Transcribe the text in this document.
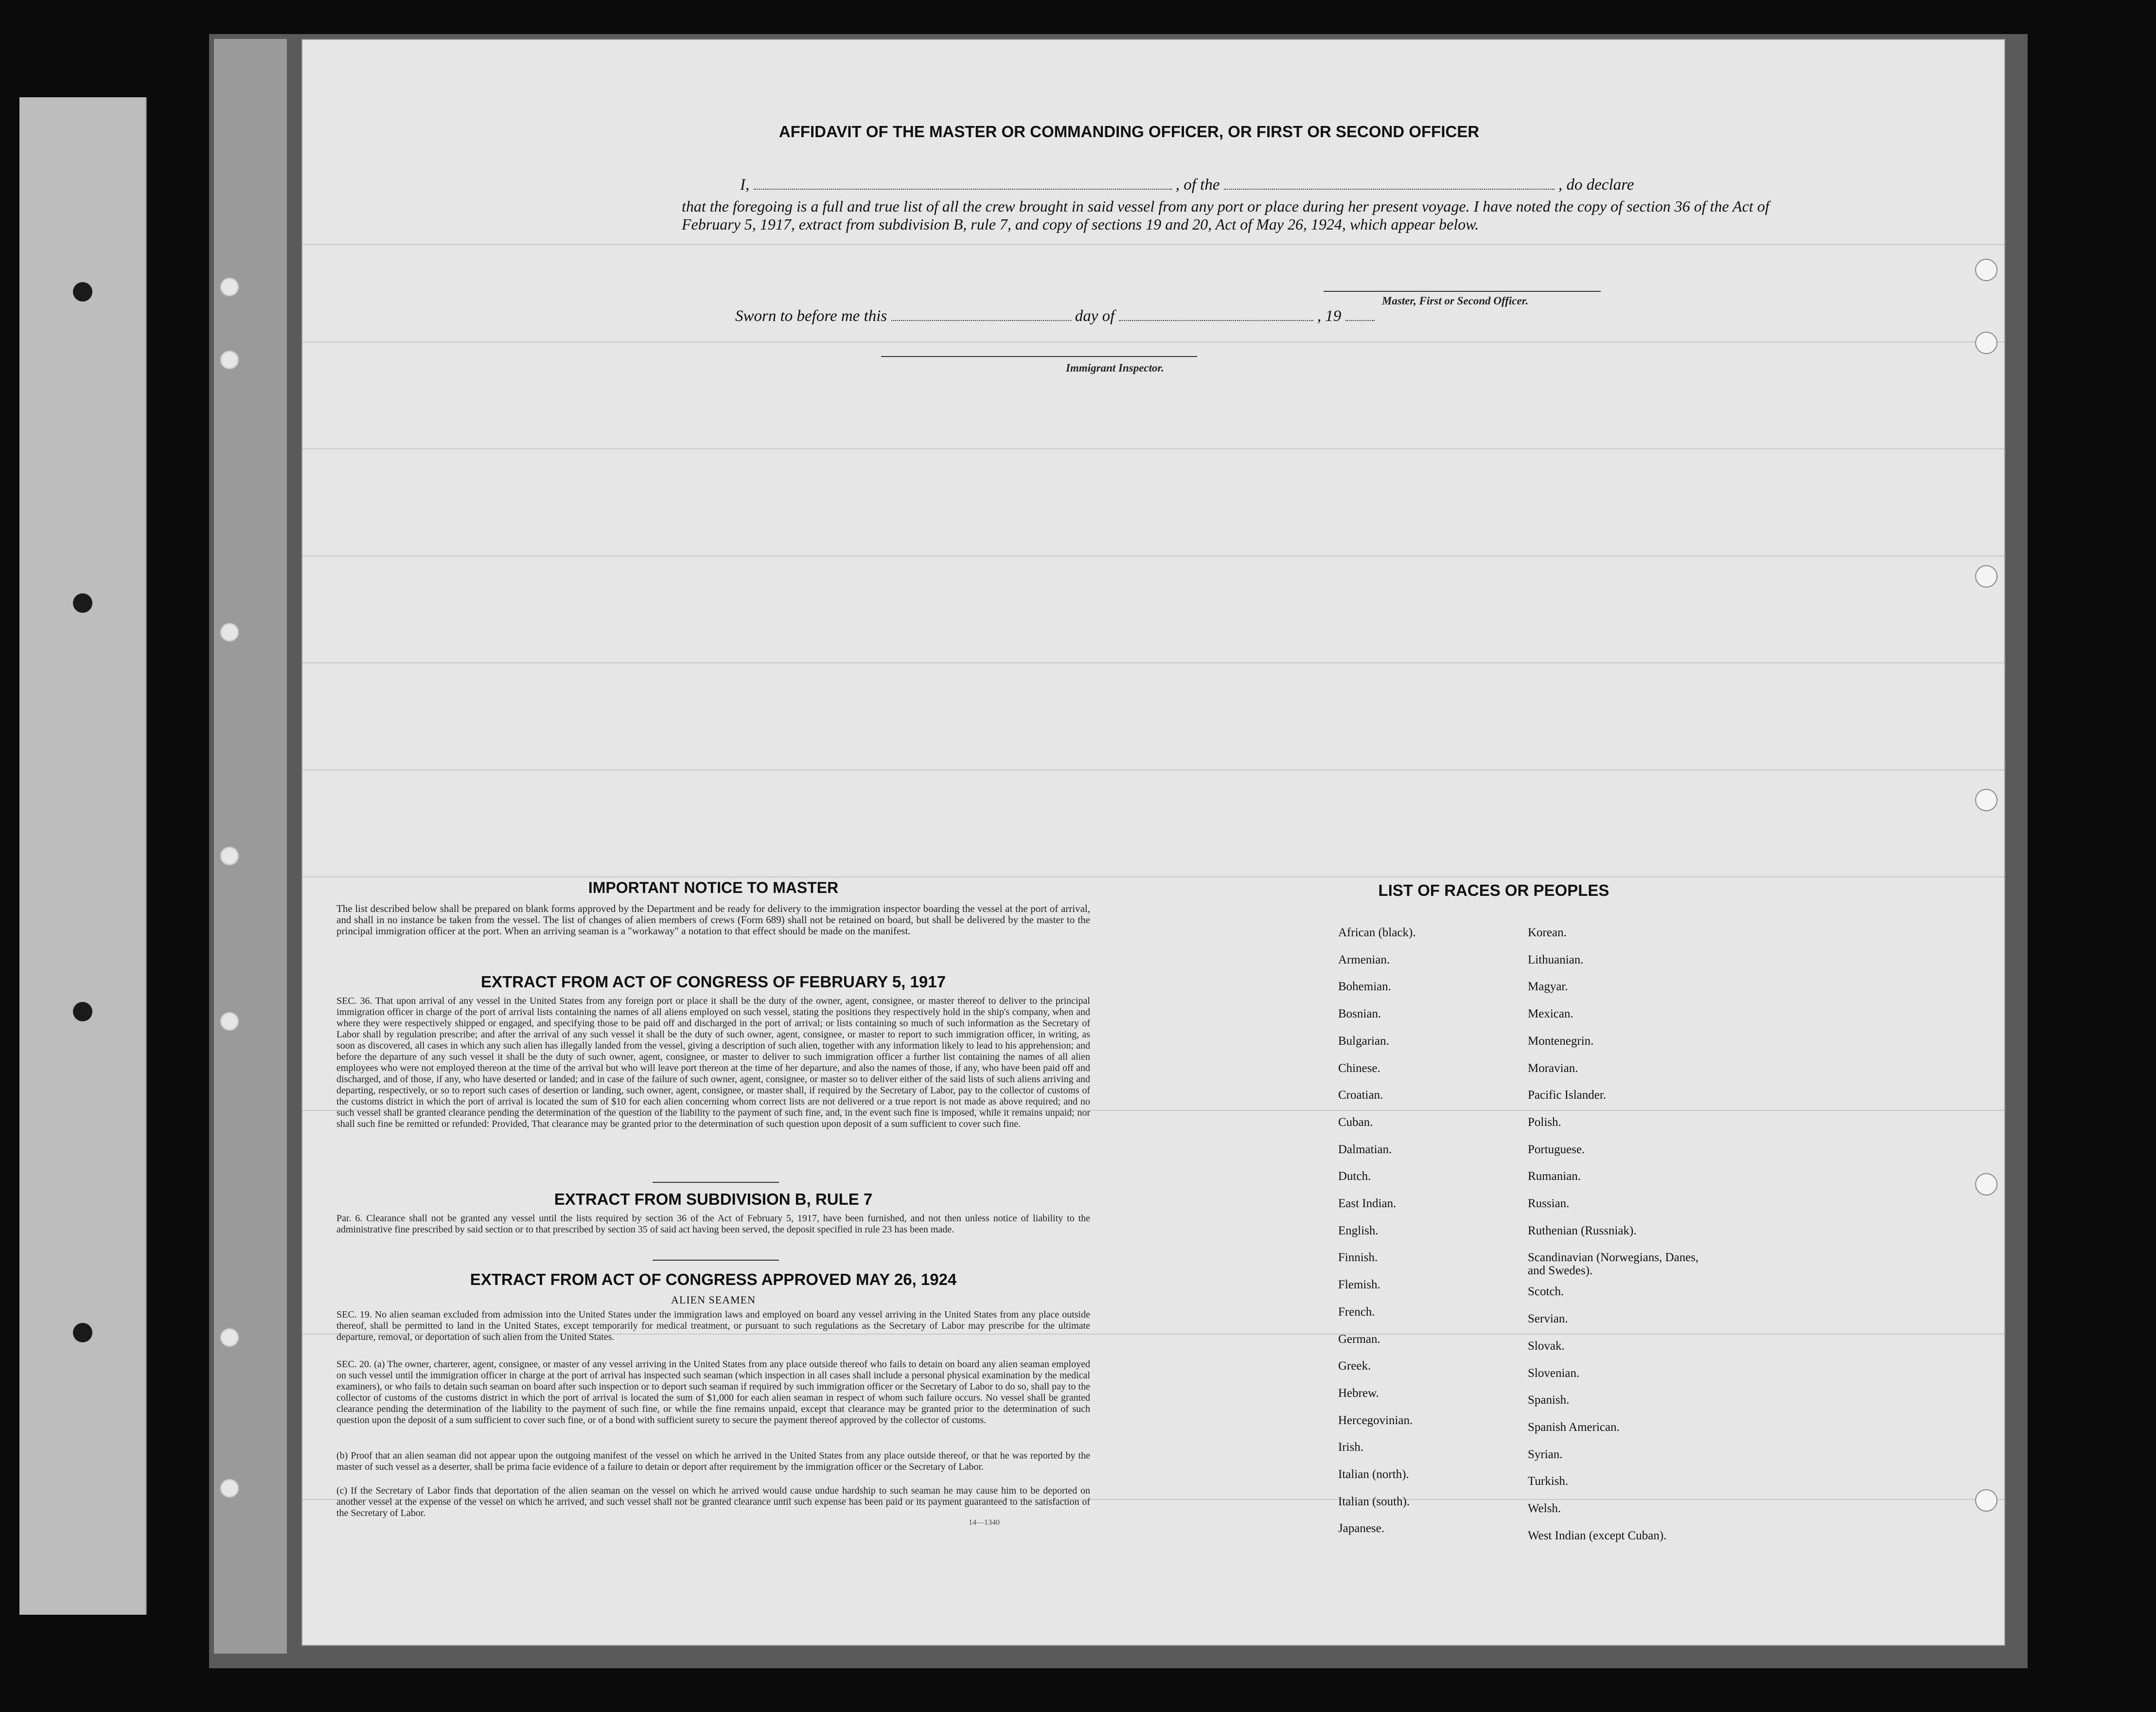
AFFIDAVIT OF THE MASTER OR COMMANDING OFFICER, OR FIRST OR SECOND OFFICER
I,	, of the	, do declare
that the foregoing is a full and true list of all the crew brought in said vessel from any port or place during her present voyage. I have noted the copy of section 36 of the Act of February 5, 1917, extract from subdivision B, rule 7, and copy of sections 19 and 20, Act of May 26, 1924, which appear below.
Master, First or Second Officer.
Sworn to before me this	day of	, 19
Immigrant Inspector.
IMPORTANT NOTICE TO MASTER
The list described below shall be prepared on blank forms approved by the Department and be ready for delivery to the immigration inspector boarding the vessel at the port of arrival, and shall in no instance be taken from the vessel. The list of changes of alien members of crews (Form 689) shall not be retained on board, but shall be delivered by the master to the principal immigration officer at the port. When an arriving seaman is a "workaway" a notation to that effect should be made on the manifest.
EXTRACT FROM ACT OF CONGRESS OF FEBRUARY 5, 1917
SEC. 36. That upon arrival of any vessel in the United States from any foreign port or place it shall be the duty of the owner, agent, consignee, or master thereof to deliver to the principal immigration officer in charge of the port of arrival lists containing the names of all aliens employed on such vessel, stating the positions they respectively hold in the ship's company, when and where they were respectively shipped or engaged, and specifying those to be paid off and discharged in the port of arrival; or lists containing so much of such information as the Secretary of Labor shall by regulation prescribe; and after the arrival of any such vessel it shall be the duty of such owner, agent, consignee, or master to report to such immigration officer, in writing, as soon as discovered, all cases in which any such alien has illegally landed from the vessel, giving a description of such alien, together with any information likely to lead to his apprehension; and before the departure of any such vessel it shall be the duty of such owner, agent, consignee, or master to deliver to such immigration officer a further list containing the names of all alien employees who were not employed thereon at the time of the arrival but who will leave port thereon at the time of her departure, and also the names of those, if any, who have been paid off and discharged, and of those, if any, who have deserted or landed; and in case of the failure of such owner, agent, consignee, or master so to deliver either of the said lists of such aliens arriving and departing, respectively, or so to report such cases of desertion or landing, such owner, agent, consignee, or master shall, if required by the Secretary of Labor, pay to the collector of customs of the customs district in which the port of arrival is located the sum of $10 for each alien concerning whom correct lists are not delivered or a true report is not made as above required; and no such vessel shall be granted clearance pending the determination of the question of the liability to the payment of such fine, and, in the event such fine is imposed, while it remains unpaid; nor shall such fine be remitted or refunded: Provided, That clearance may be granted prior to the determination of such question upon deposit of a sum sufficient to cover such fine.
EXTRACT FROM SUBDIVISION B, RULE 7
Par. 6. Clearance shall not be granted any vessel until the lists required by section 36 of the Act of February 5, 1917, have been furnished, and not then unless notice of liability to the administrative fine prescribed by said section or to that prescribed by section 35 of said act having been served, the deposit specified in rule 23 has been made.
EXTRACT FROM ACT OF CONGRESS APPROVED MAY 26, 1924
ALIEN SEAMEN
SEC. 19. No alien seaman excluded from admission into the United States under the immigration laws and employed on board any vessel arriving in the United States from any place outside thereof, shall be permitted to land in the United States, except temporarily for medical treatment, or pursuant to such regulations as the Secretary of Labor may prescribe for the ultimate departure, removal, or deportation of such alien from the United States.
SEC. 20. (a) The owner, charterer, agent, consignee, or master of any vessel arriving in the United States from any place outside thereof who fails to detain on board any alien seaman employed on such vessel until the immigration officer in charge at the port of arrival has inspected such seaman (which inspection in all cases shall include a personal physical examination by the medical examiners), or who fails to detain such seaman on board after such inspection or to deport such seaman if required by such immigration officer or the Secretary of Labor to do so, shall pay to the collector of customs of the customs district in which the port of arrival is located the sum of $1,000 for each alien seaman in respect of whom such failure occurs. No vessel shall be granted clearance pending the determination of the liability to the payment of such fine, or while the fine remains unpaid, except that clearance may be granted prior to the determination of such question upon the deposit of a sum sufficient to cover such fine, or of a bond with sufficient surety to secure the payment thereof approved by the collector of customs.
(b) Proof that an alien seaman did not appear upon the outgoing manifest of the vessel on which he arrived in the United States from any place outside thereof, or that he was reported by the master of such vessel as a deserter, shall be prima facie evidence of a failure to detain or deport after requirement by the immigration officer or the Secretary of Labor.
(c) If the Secretary of Labor finds that deportation of the alien seaman on the vessel on which he arrived would cause undue hardship to such seaman he may cause him to be deported on another vessel at the expense of the vessel on which he arrived, and such vessel shall not be granted clearance until such expense has been paid or its payment guaranteed to the satisfaction of the Secretary of Labor.
14—1340
LIST OF RACES OR PEOPLES
African (black).
Armenian.
Bohemian.
Bosnian.
Bulgarian.
Chinese.
Croatian.
Cuban.
Dalmatian.
Dutch.
East Indian.
English.
Finnish.
Flemish.
French.
German.
Greek.
Hebrew.
Hercegovinian.
Irish.
Italian (north).
Italian (south).
Japanese.
Korean.
Lithuanian.
Magyar.
Mexican.
Montenegrin.
Moravian.
Pacific Islander.
Polish.
Portuguese.
Rumanian.
Russian.
Ruthenian (Russniak).
Scandinavian (Norwegians, Danes, and Swedes).
Scotch.
Servian.
Slovak.
Slovenian.
Spanish.
Spanish American.
Syrian.
Turkish.
Welsh.
West Indian (except Cuban).
